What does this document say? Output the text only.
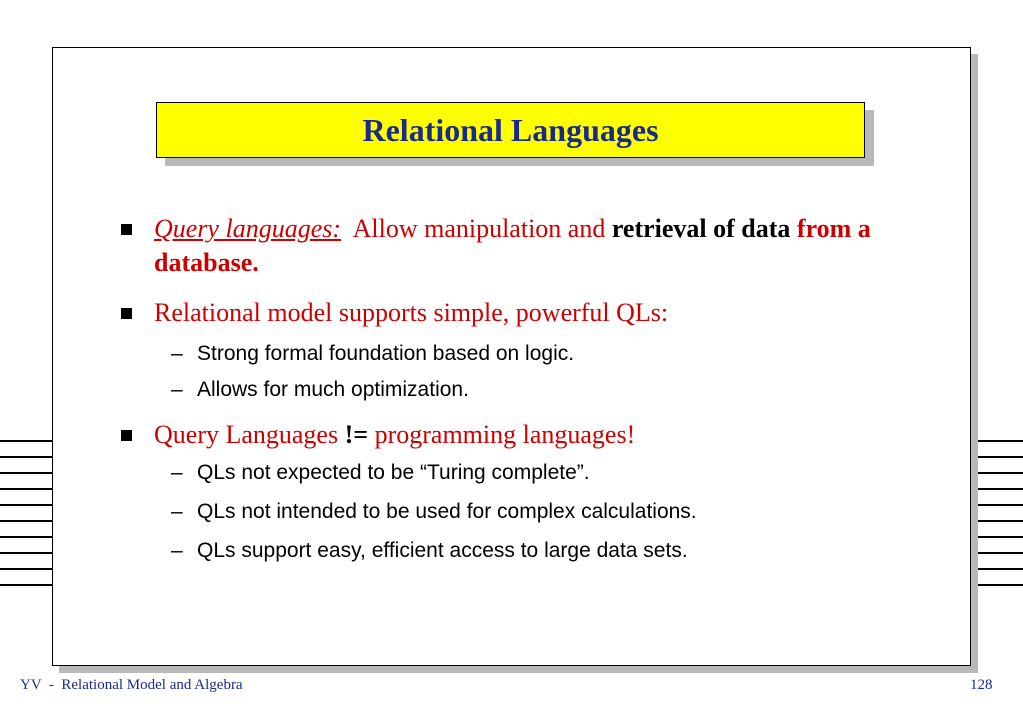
Relational Languages
Query languages: Allow manipulation and retrieval of data from a database.
Relational model supports simple, powerful QLs:
– Strong formal foundation based on logic.
– Allows for much optimization.
Query Languages != programming languages!
– QLs not expected to be “Turing complete”.
– QLs not intended to be used for complex calculations.
– QLs support easy, efficient access to large data sets.
YV  -  Relational Model and Algebra	128
